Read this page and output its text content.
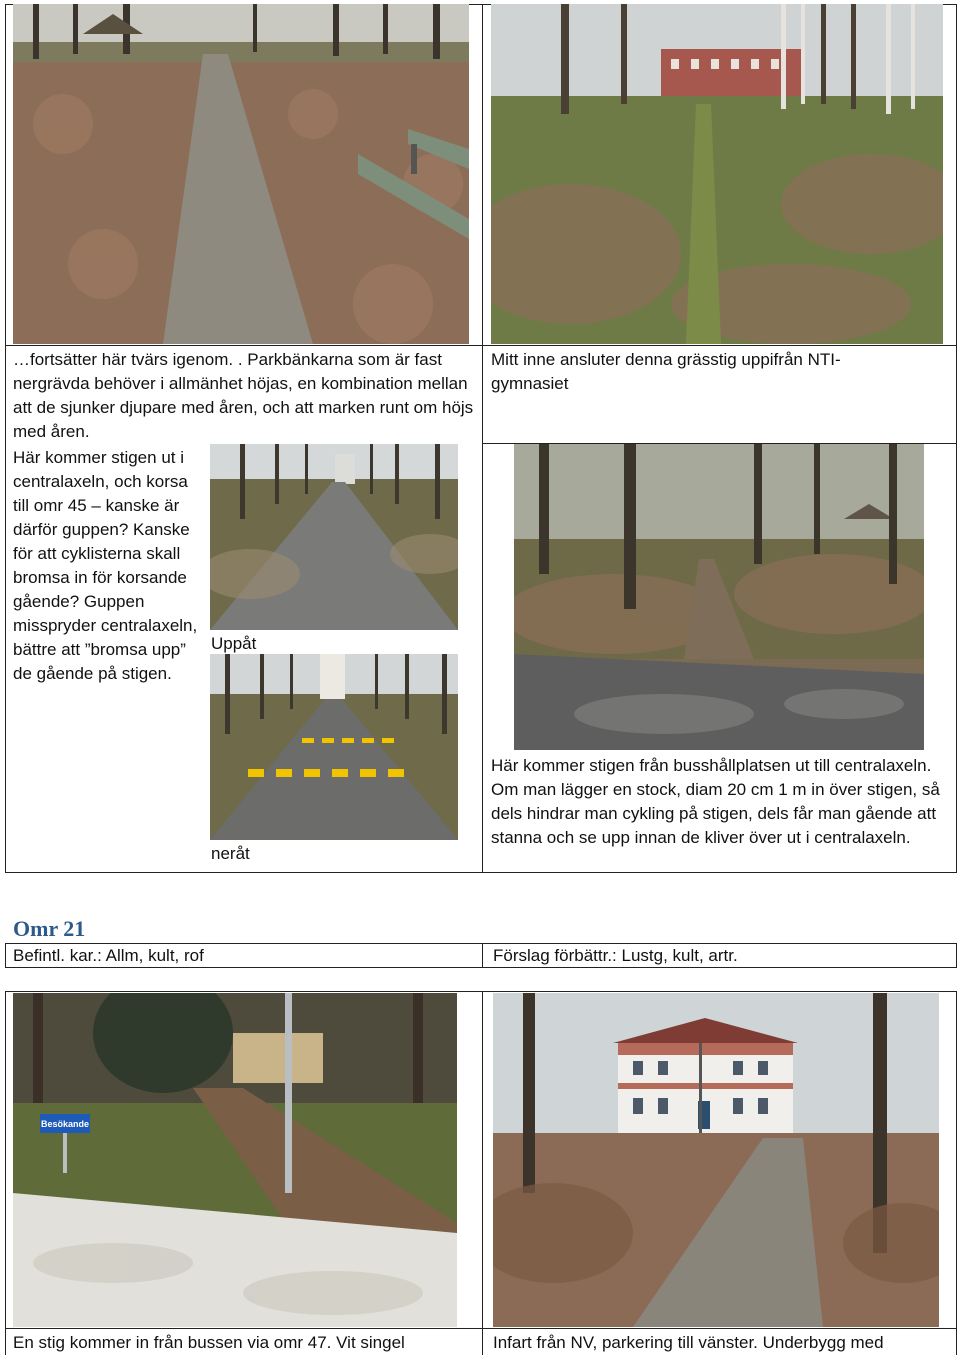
…fortsätter här tvärs igenom. . Parkbänkarna som är fast nergrävda behöver i allmänhet höjas, en kombination mellan att de sjunker djupare med åren, och att marken runt om höjs med åren.
Mitt inne ansluter denna grässtig uppifrån NTI-gymnasiet
Här kommer stigen ut i centralaxeln, och korsa till omr 45 – kanske är därför guppen? Kanske för att cyklisterna skall bromsa in för korsande gående? Guppen misspryder centralaxeln, bättre att ”bromsa upp” de gående på stigen.
Uppåt
neråt
Här kommer stigen från busshållplatsen ut till centralaxeln. Om man lägger en stock, diam 20 cm 1 m in över stigen, så dels hindrar man cykling på stigen, dels får man gående att stanna och se upp innan de kliver över ut i centralaxeln.
Omr 21
Befintl. kar.: Allm, kult, rof	Förslag förbättr.: Lustg, kult, artr.
Besökande
En stig kommer in från bussen via omr 47. Vit singel	Infart från NV, parkering till vänster. Underbygg med
